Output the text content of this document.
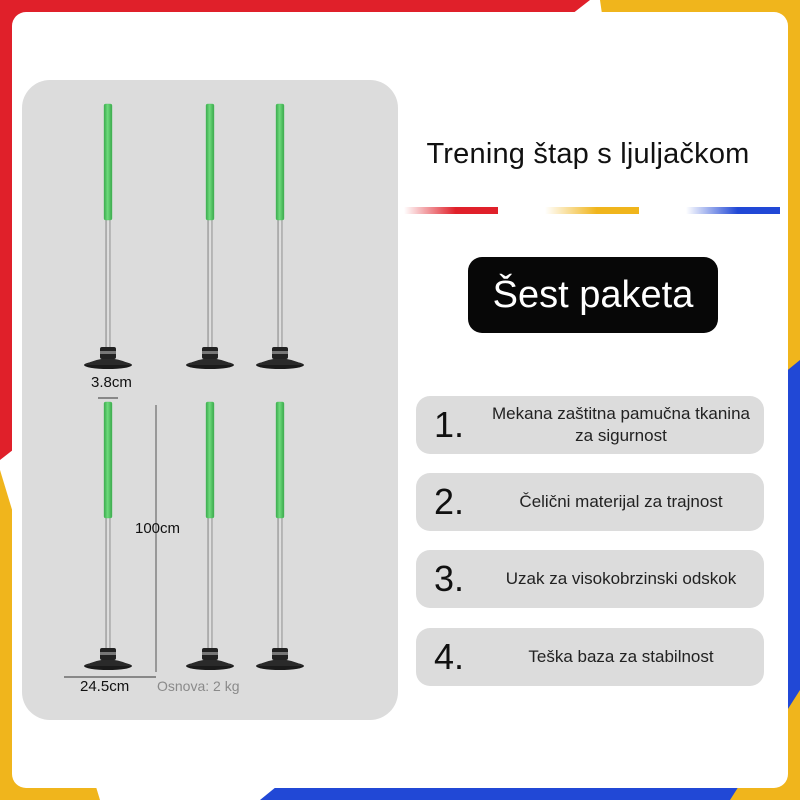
3.8cm
100cm
24.5cm Osnova: 2 kg
Trening štap s ljuljačkom
Šest paketa
1. Mekana zaštitna pamučna tkanina za sigurnost
2.	Čelični materijal za trajnost
3.	Uzak za visokobrzinski odskok
4.	Teška baza za stabilnost
